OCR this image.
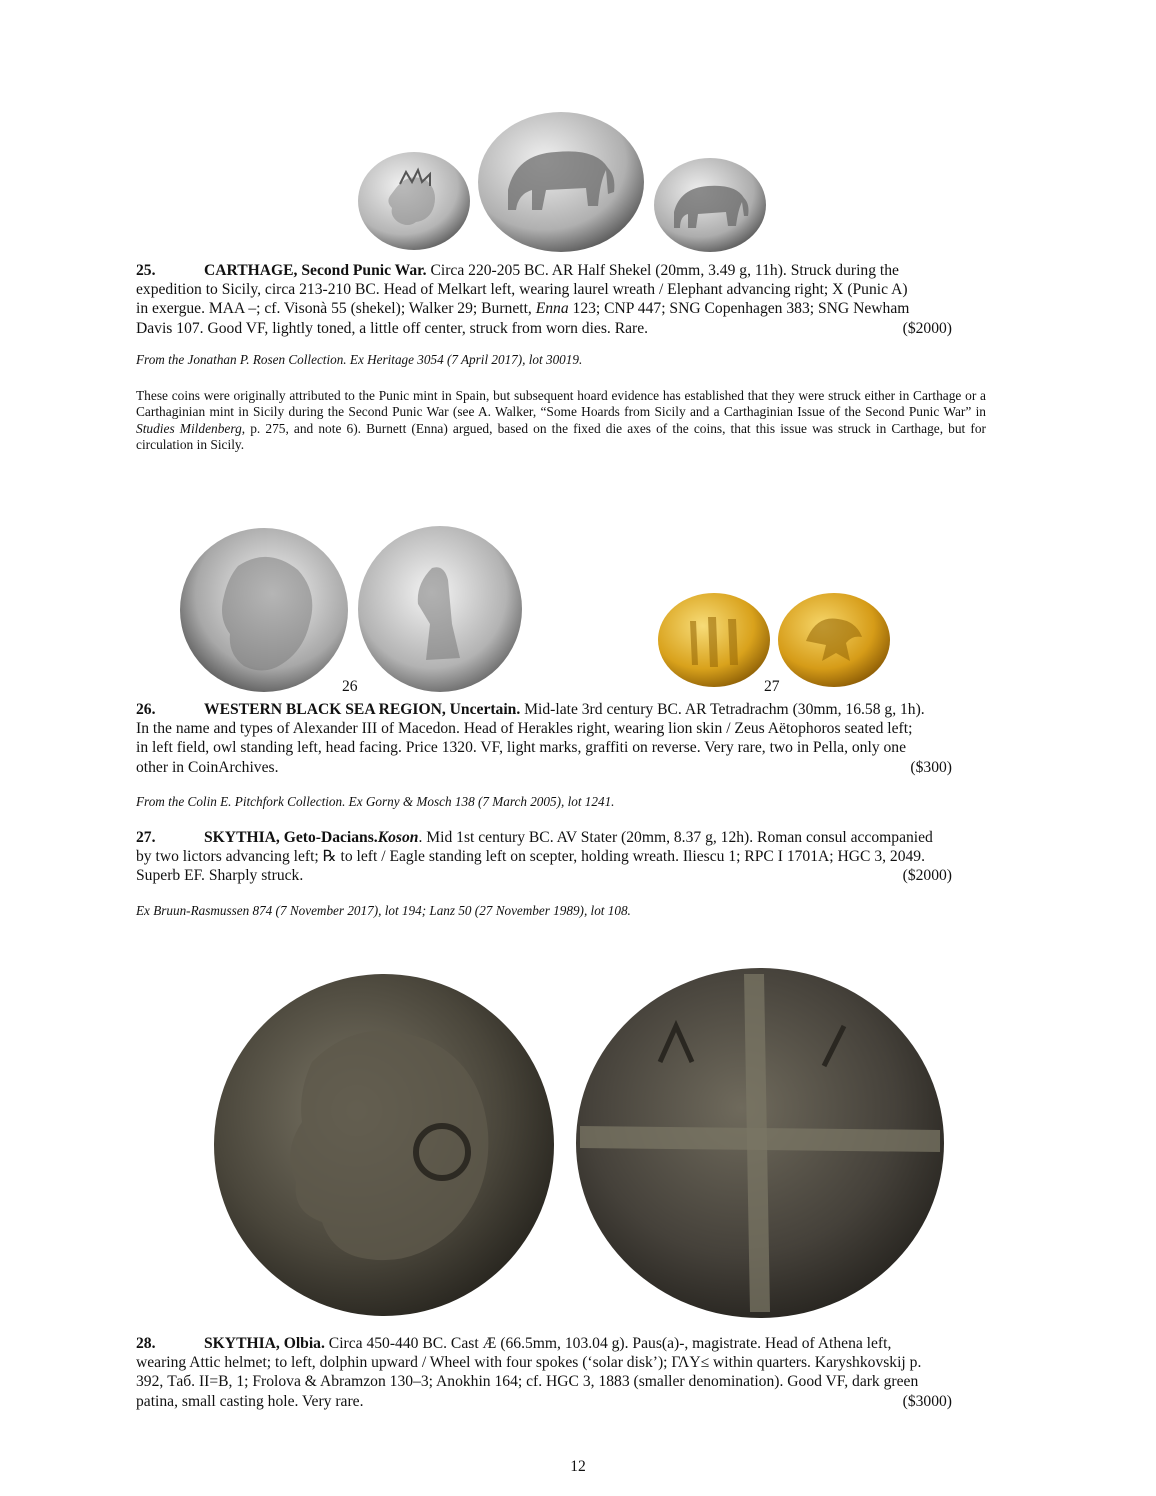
25.	CARTHAGE, Second Punic War. Circa 220-205 BC. AR Half Shekel (20mm, 3.49 g, 11h). Struck during the
expedition to Sicily, circa 213-210 BC. Head of Melkart left, wearing laurel wreath / Elephant advancing right; X (Punic A)
in exergue. MAA –; cf. Visonà 55 (shekel); Walker 29; Burnett, Enna 123; CNP 447; SNG Copenhagen 383; SNG Newham
Davis 107. Good VF, lightly toned, a little off center, struck from worn dies. Rare.	($2000)
From the Jonathan P. Rosen Collection. Ex Heritage 3054 (7 April 2017), lot 30019.
These coins were originally attributed to the Punic mint in Spain, but subsequent hoard evidence has established that they were struck either in Carthage or a Carthaginian mint in Sicily during the Second Punic War (see A. Walker, “Some Hoards from Sicily and a Carthaginian Issue of the Second Punic War” in Studies Mildenberg, p. 275, and note 6). Burnett (Enna) argued, based on the fixed die axes of the coins, that this issue was struck in Carthage, but for circulation in Sicily.
26	27
26.	WESTERN BLACK SEA REGION, Uncertain. Mid-late 3rd century BC. AR Tetradrachm (30mm, 16.58 g, 1h).
In the name and types of Alexander III of Macedon. Head of Herakles right, wearing lion skin / Zeus Aëtophoros seated left;
in left field, owl standing left, head facing. Price 1320. VF, light marks, graffiti on reverse. Very rare, two in Pella, only one
other in CoinArchives.	($300)
From the Colin E. Pitchfork Collection. Ex Gorny & Mosch 138 (7 March 2005), lot 1241.
27.	SKYTHIA, Geto-Dacians.Koson. Mid 1st century BC. AV Stater (20mm, 8.37 g, 12h). Roman consul accompanied
by two lictors advancing left; ℞ to left / Eagle standing left on scepter, holding wreath. Iliescu 1; RPC I 1701A; HGC 3, 2049.
Superb EF. Sharply struck.	($2000)
Ex Bruun-Rasmussen 874 (7 November 2017), lot 194; Lanz 50 (27 November 1989), lot 108.
28.	SKYTHIA, Olbia. Circa 450-440 BC. Cast Æ (66.5mm, 103.04 g). Paus(a)-, magistrate. Head of Athena left,
wearing Attic helmet; to left, dolphin upward / Wheel with four spokes (‘solar disk’); ΓΛY≤ within quarters. Karyshkovskij p.
392, Таб. II=B, 1; Frolova & Abramzon 130–3; Anokhin 164; cf. HGC 3, 1883 (smaller denomination). Good VF, dark green
patina, small casting hole. Very rare.	($3000)
12
